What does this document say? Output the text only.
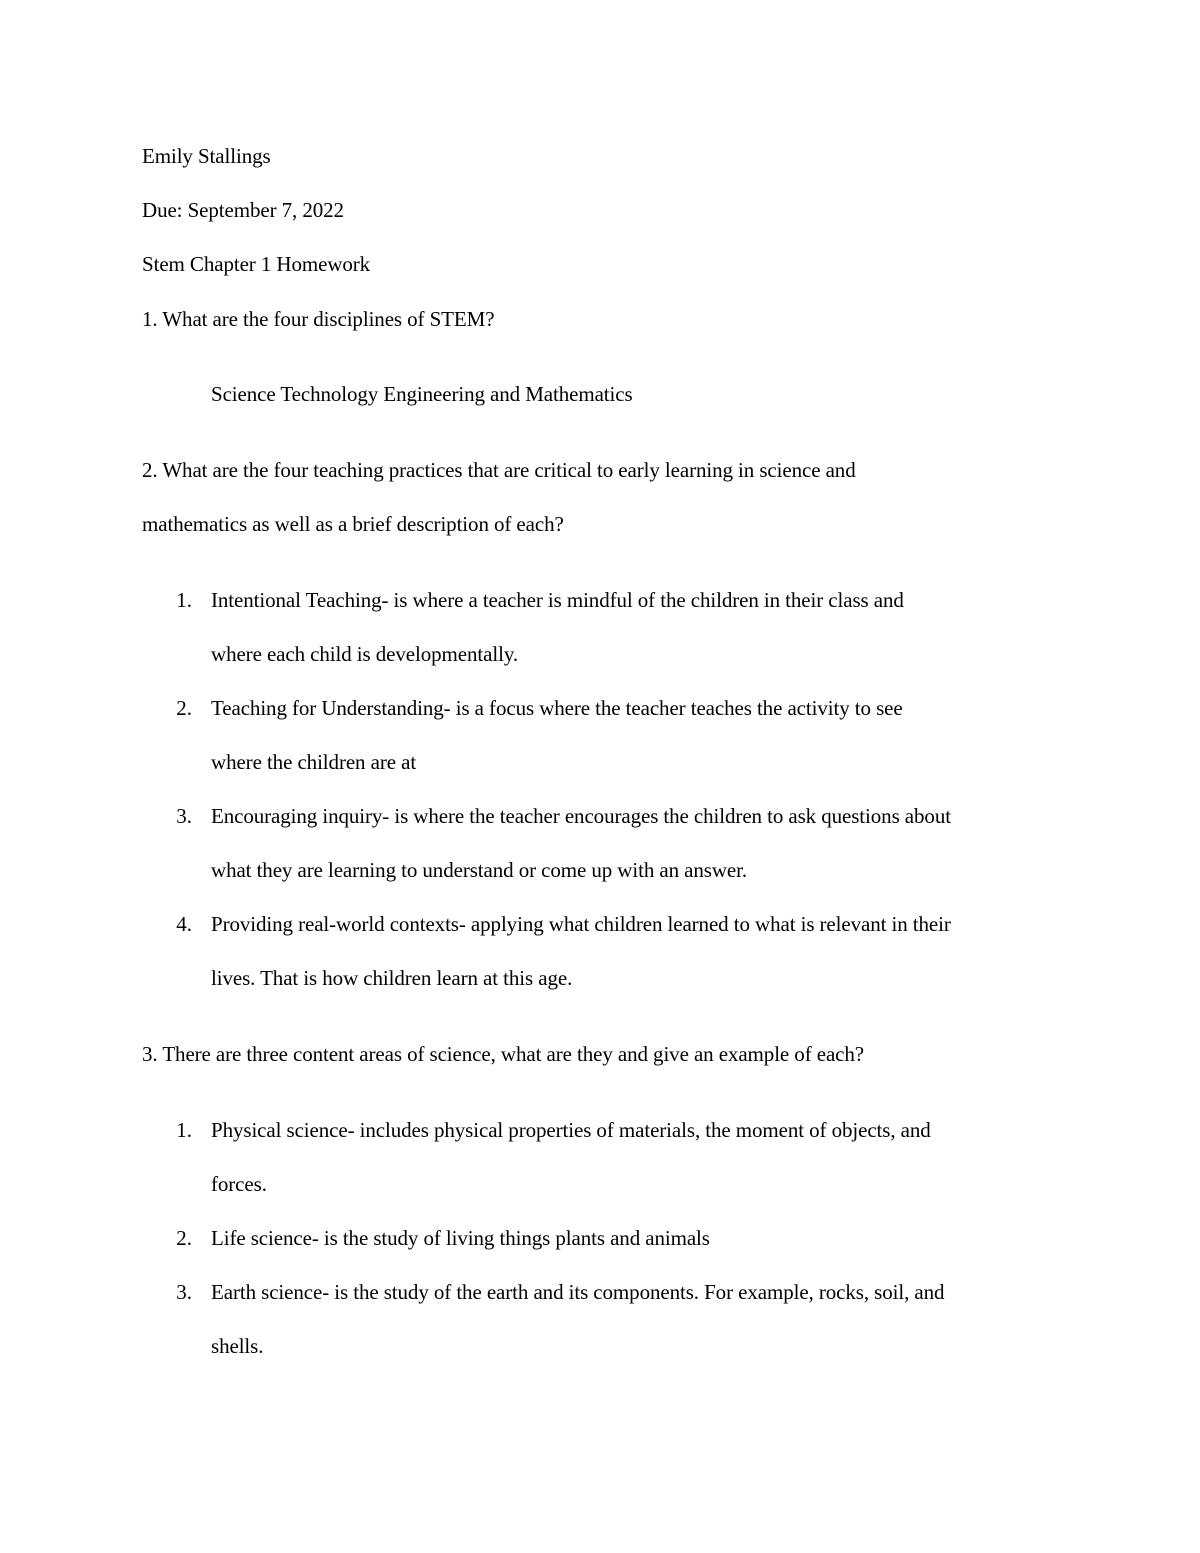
Emily Stallings
Due: September 7, 2022
Stem Chapter 1 Homework
1. What are the four disciplines of STEM?
Science Technology Engineering and Mathematics
2. What are the four teaching practices that are critical to early learning in science and
mathematics as well as a brief description of each?
1. Intentional Teaching- is where a teacher is mindful of the children in their class and
where each child is developmentally.
2. Teaching for Understanding- is a focus where the teacher teaches the activity to see
where the children are at
3. Encouraging inquiry- is where the teacher encourages the children to ask questions about
what they are learning to understand or come up with an answer.
4. Providing real-world contexts- applying what children learned to what is relevant in their
lives. That is how children learn at this age.
3. There are three content areas of science, what are they and give an example of each?
1. Physical science- includes physical properties of materials, the moment of objects, and
forces.
2. Life science- is the study of living things plants and animals
3. Earth science- is the study of the earth and its components. For example, rocks, soil, and
shells.
